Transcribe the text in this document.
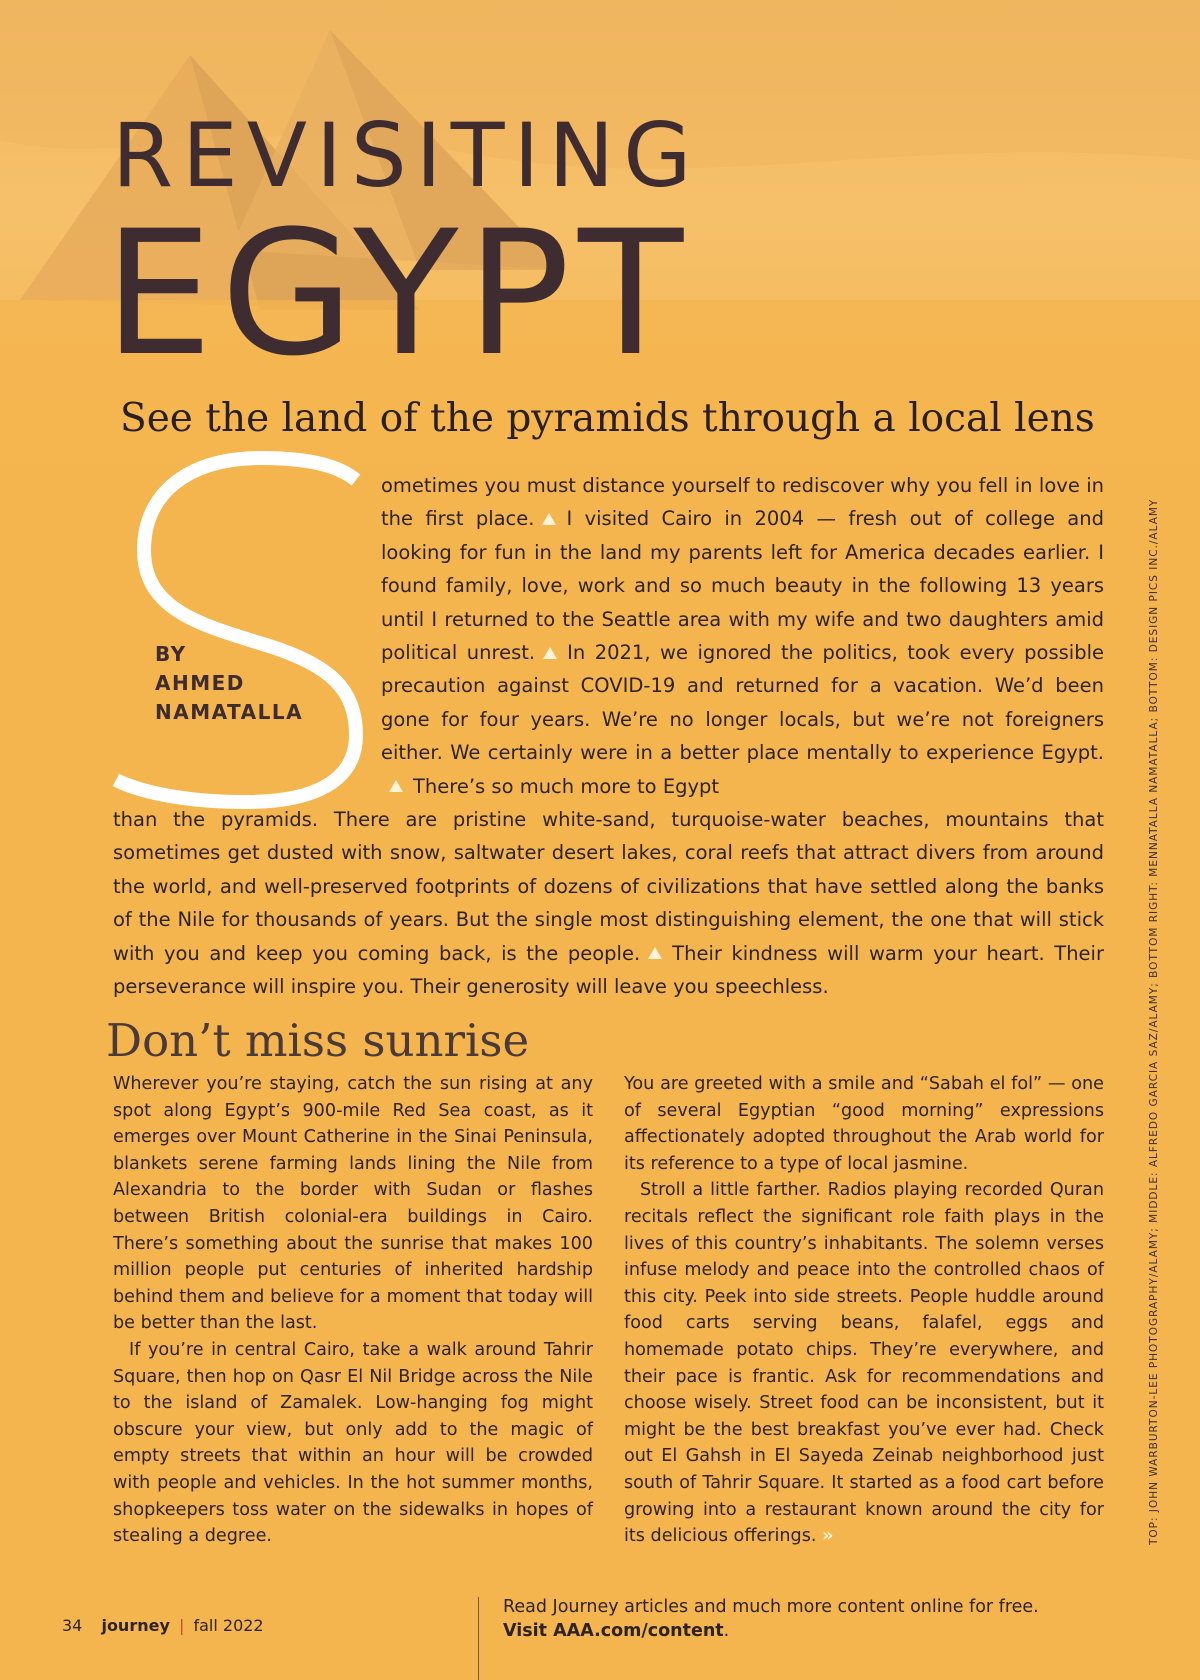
REVISITING
EGYPT
See the land of the pyramids through a local lens
BY
AHMED
NAMATALLA

ometimes you must distance yourself to rediscover why you fell in love in the first place. I visited Cairo in 2004 — fresh out of college and looking for fun in the land my parents left for America decades earlier. I found family, love, work and so much beauty in the following 13 years until I returned to the Seattle area with my wife and two daughters amid political unrest. In 2021, we ignored the politics, took every possible precaution against COVID-19 and returned for a vacation. We’d been gone for four years. We’re no longer locals, but we’re not foreigners either. We certainly were in a better place mentally to experience Egypt.There’s so much more to Egypt

than the pyramids. There are pristine white-sand, turquoise-water beaches, mountains that sometimes get dusted with snow, saltwater desert lakes, coral reefs that attract divers from around the world, and well-preserved footprints of dozens of civilizations that have settled along the banks of the Nile for thousands of years. But the single most distinguishing element, the one that will stick with you and keep you coming back, is the people. Their kindness will warm your heart. Their perseverance will inspire you. Their generosity will leave you speechless.

Don’t miss sunrise

Wherever you’re staying, catch the sun rising at any spot along Egypt’s 900-mile Red Sea coast, as it emerges over Mount Catherine in the Sinai Peninsula, blankets serene farming lands lining the Nile from Alexandria to the border with Sudan or flashes between British colonial-era buildings in Cairo. There’s something about the sunrise that makes 100 million people put centuries of inherited hardship behind them and believe for a moment that today will be better than the last.

If you’re in central Cairo, take a walk around Tahrir Square, then hop on Qasr El Nil Bridge across the Nile to the island of Zamalek. Low-hanging fog might obscure your view, but only add to the magic of empty streets that within an hour will be crowded with people and vehicles. In the hot summer months, shopkeepers toss water on the sidewalks in hopes of stealing a degree.

You are greeted with a smile and “Sabah el fol” — one of several Egyptian “good morning” expressions affectionately adopted throughout the Arab world for its reference to a type of local jasmine.

Stroll a little farther. Radios playing recorded Quran recitals reflect the significant role faith plays in the lives of this country’s inhabitants. The solemn verses infuse melody and peace into the controlled chaos of this city. Peek into side streets. People huddle around food carts serving beans, falafel, eggs and homemade potato chips. They’re everywhere, and their pace is frantic. Ask for recommendations and choose wisely. Street food can be inconsistent, but it might be the best breakfast you’ve ever had. Check out El Gahsh in El Sayeda Zeinab neighborhood just south of Tahrir Square. It started as a food cart before growing into a restaurant known around the city for its delicious offerings. »	TOP: JOHN WARBURTON-LEE PHOTOGRAPHY/ALAMY; MIDDLE: ALFREDO GARCIA SAZ/ALAMY; BOTTOM RIGHT: MENNATALLA NAMATALLA; BOTTOM: DESIGN PICS INC./ALAMY
34 journey | fall 2022
Read Journey articles and much more content online for free.
Visit AAA.com/content.
